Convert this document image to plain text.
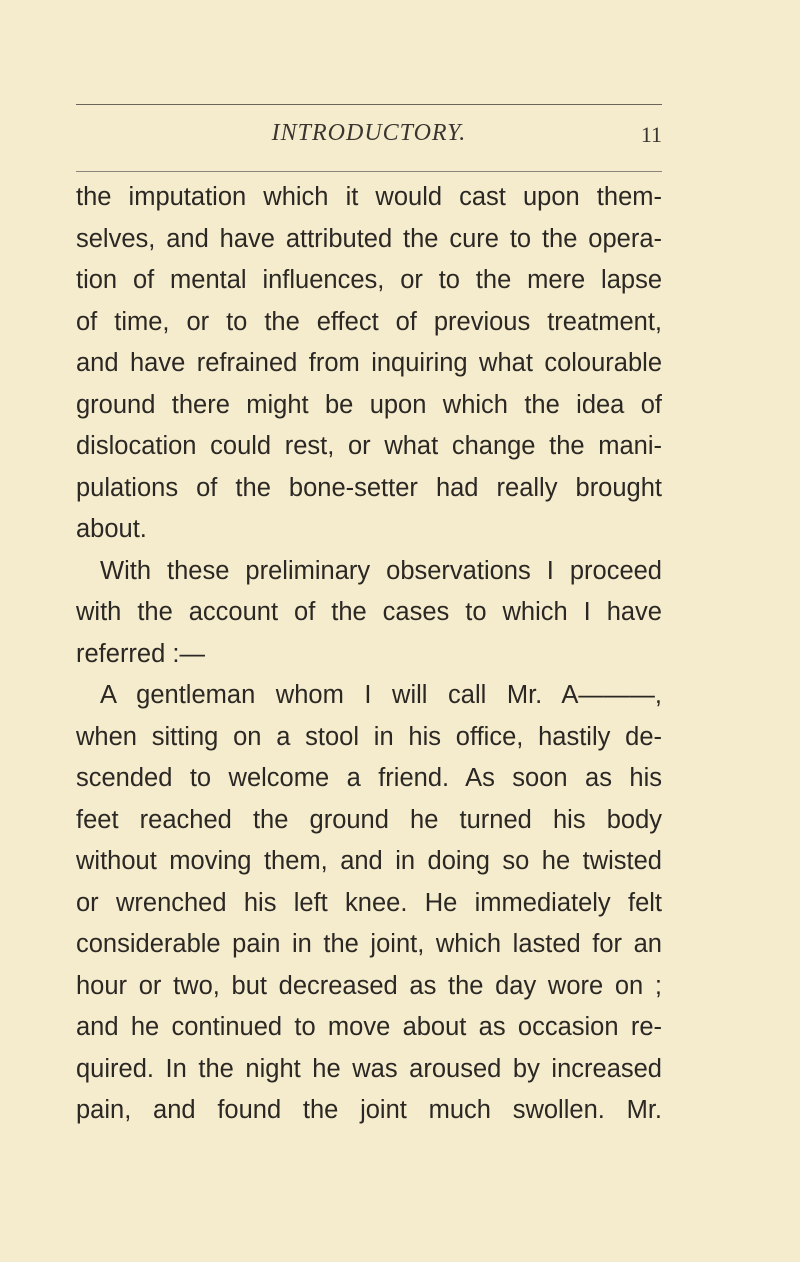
INTRODUCTORY.	11
the imputation which it would cast upon them-
selves, and have attributed the cure to the opera-
tion of mental influences, or to the mere lapse
of time, or to the effect of previous treatment,
and have refrained from inquiring what colourable
ground there might be upon which the idea of
dislocation could rest, or what change the mani-
pulations of the bone-setter had really brought
about.
With these preliminary observations I proceed
with the account of the cases to which I have
referred :—
A gentleman whom I will call Mr. A———,
when sitting on a stool in his office, hastily de-
scended to welcome a friend. As soon as his
feet reached the ground he turned his body
without moving them, and in doing so he twisted
or wrenched his left knee. He immediately felt
considerable pain in the joint, which lasted for an
hour or two, but decreased as the day wore on ;
and he continued to move about as occasion re-
quired. In the night he was aroused by increased
pain, and found the joint much swollen. Mr.
